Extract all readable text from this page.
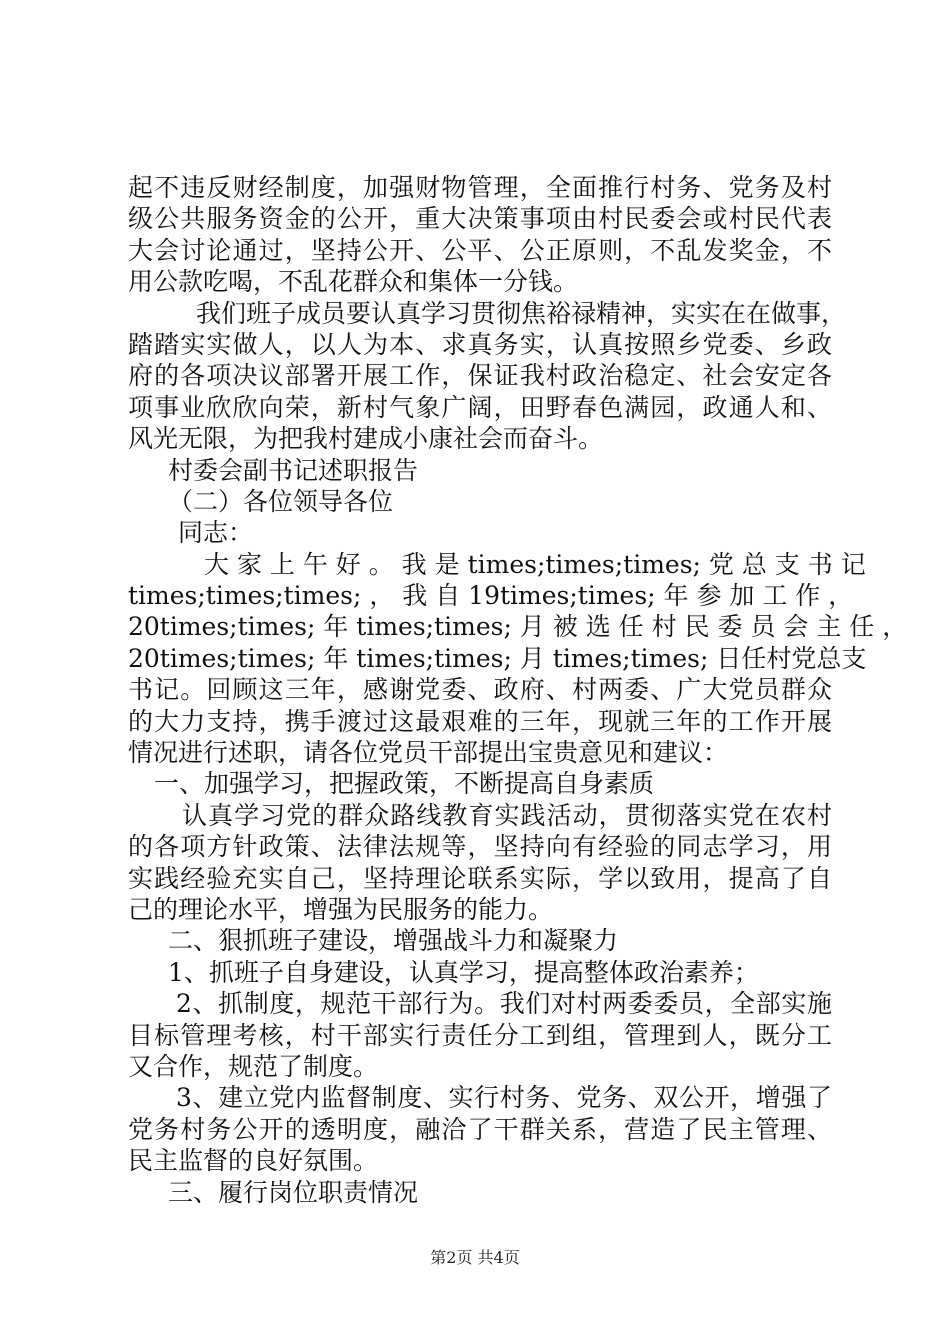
起不违反财经制度，加强财物管理，全面推行村务、党务及村
级公共服务资金的公开，重大决策事项由村民委会或村民代表
大会讨论通过，坚持公开、公平、公正原则，不乱发奖金，不
用公款吃喝，不乱花群众和集体一分钱。
我们班子成员要认真学习贯彻焦裕禄精神，实实在在做事，
踏踏实实做人，以人为本、求真务实，认真按照乡党委、乡政
府的各项决议部署开展工作，保证我村政治稳定、社会安定各
项事业欣欣向荣，新村气象广阔，田野春色满园，政通人和、
风光无限，为把我村建成小康社会而奋斗。
村委会副书记述职报告
（二）各位领导各位
同志：
大 家 上 午 好 。 我 是 times;times;times; 党 总 支 书 记
times;times;times; ， 我 自 19times;times; 年 参 加 工 作 ，
20times;times; 年 times;times; 月 被 选 任 村 民 委 员 会 主 任 ，
20times;times; 年 times;times; 月 times;times; 日任村党总支
书记。回顾这三年，感谢党委、政府、村两委、广大党员群众
的大力支持，携手渡过这最艰难的三年，现就三年的工作开展
情况进行述职，请各位党员干部提出宝贵意见和建议：
一、加强学习，把握政策，不断提高自身素质
认真学习党的群众路线教育实践活动，贯彻落实党在农村
的各项方针政策、法律法规等，坚持向有经验的同志学习，用
实践经验充实自己，坚持理论联系实际，学以致用，提高了自
己的理论水平，增强为民服务的能力。
二、狠抓班子建设，增强战斗力和凝聚力
1、抓班子自身建设，认真学习，提高整体政治素养；
2、抓制度，规范干部行为。我们对村两委委员，全部实施
目标管理考核，村干部实行责任分工到组，管理到人，既分工
又合作，规范了制度。
3、建立党内监督制度、实行村务、党务、双公开，增强了
党务村务公开的透明度，融洽了干群关系，营造了民主管理、
民主监督的良好氛围。
三、履行岗位职责情况
第2页 共4页
